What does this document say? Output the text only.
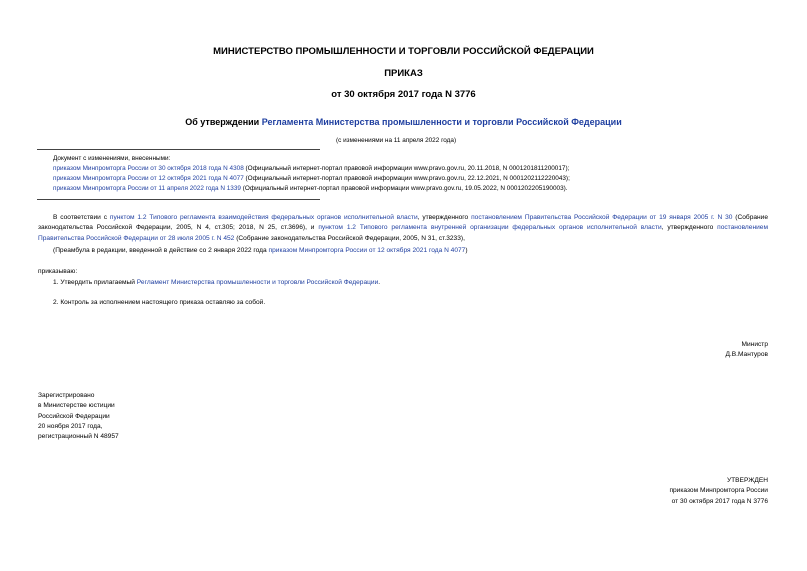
МИНИСТЕРСТВО ПРОМЫШЛЕННОСТИ И ТОРГОВЛИ РОССИЙСКОЙ ФЕДЕРАЦИИ
ПРИКАЗ
от 30 октября 2017 года N 3776
Об утверждении Регламента Министерства промышленности и торговли Российской Федерации
(с изменениями на 11 апреля 2022 года)
Документ с изменениями, внесенными:
приказом Минпромторга России от 30 октября 2018 года N 4308 (Официальный интернет-портал правовой информации www.pravo.gov.ru, 20.11.2018, N 0001201811200017);
приказом Минпромторга России от 12 октября 2021 года N 4077 (Официальный интернет-портал правовой информации www.pravo.gov.ru, 22.12.2021, N 0001202112220043);
приказом Минпромторга России от 11 апреля 2022 года N 1339 (Официальный интернет-портал правовой информации www.pravo.gov.ru, 19.05.2022, N 0001202205190003).
В соответствии с пунктом 1.2 Типового регламента взаимодействия федеральных органов исполнительной власти, утвержденного постановлением Правительства Российской Федерации от 19 января 2005 г. N 30 (Собрание законодательства Российской Федерации, 2005, N 4, ст.305; 2018, N 25, ст.3696), и пунктом 1.2 Типового регламента внутренней организации федеральных органов исполнительной власти, утвержденного постановлением Правительства Российской Федерации от 28 июля 2005 г. N 452 (Собрание законодательства Российской Федерации, 2005, N 31, ст.3233),
(Преамбула в редакции, введенной в действие со 2 января 2022 года приказом Минпромторга России от 12 октября 2021 года N 4077)
приказываю:
1. Утвердить прилагаемый Регламент Министерства промышленности и торговли Российской Федерации.
2. Контроль за исполнением настоящего приказа оставляю за собой.
Министр
Д.В.Мантуров
Зарегистрировано
в Министерстве юстиции
Российской Федерации
20 ноября 2017 года,
регистрационный N 48957
УТВЕРЖДЕН
приказом Минпромторга России
от 30 октября 2017 года N 3776
